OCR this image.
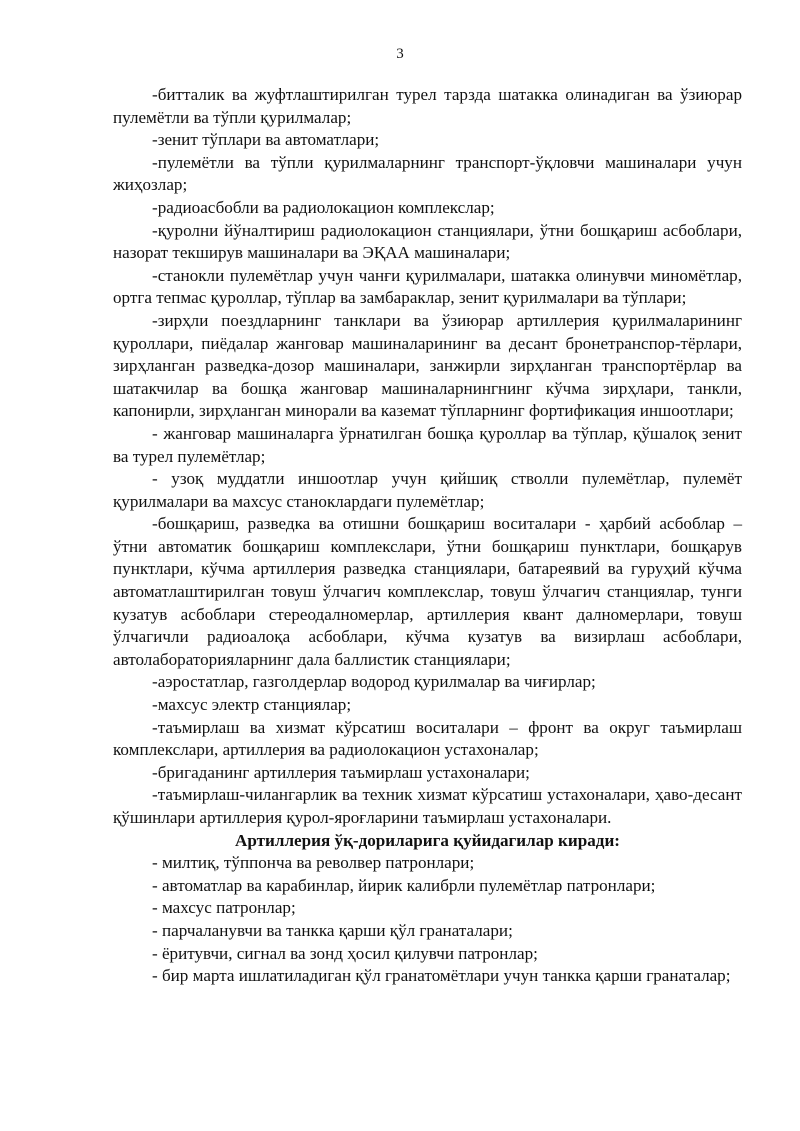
3

-битталик ва жуфтлаштирилган турел тарзда шатакка олинадиган ва ўзиюрар пулемётли ва тўпли қурилмалар;

-зенит тўплари ва автоматлари;

-пулемётли ва тўпли қурилмаларнинг транспорт-ўқловчи машиналари учун жиҳозлар;

-радиоасбобли ва радиолокацион комплекслар;

-қуролни йўналтириш радиолокацион станциялари, ўтни бошқариш асбоблари, назорат текширув машиналари ва ЭҚАА машиналари;

-станокли пулемётлар учун чанғи қурилмалари, шатакка олинувчи миномётлар, ортга тепмас қуроллар, тўплар ва замбараклар, зенит қурилмалари ва тўплари;

-зирҳли поездларнинг танклари ва ўзиюрар артиллерия қурилмаларининг қуроллари, пиёдалар жанговар машиналарининг ва десант бронетранспор-тёрлари, зирҳланган разведка-дозор машиналари, занжирли зирҳланган транспортёрлар ва шатакчилар ва бошқа жанговар машиналарнингнинг кўчма зирҳлари, танкли, капонирли, зирҳланган минорали ва каземат тўпларнинг фортификация иншоотлари;

- жанговар машиналарга ўрнатилган бошқа қуроллар ва тўплар, қўшалоқ зенит ва турел пулемётлар;

- узоқ муддатли иншоотлар учун қийшиқ стволли пулемётлар, пулемёт қурилмалари ва махсус станоклардаги пулемётлар;

-бошқариш, разведка ва отишни бошқариш воситалари - ҳарбий асбоблар – ўтни автоматик бошқариш комплекслари, ўтни бошқариш пунктлари, бошқарув пунктлари, кўчма артиллерия разведка станциялари, батареявий ва гуруҳий кўчма автоматлаштирилган товуш ўлчагич комплекслар, товуш ўлчагич станциялар, тунги кузатув асбоблари стереодалномерлар, артиллерия квант далномерлари, товуш ўлчагичли радиоалоқа асбоблари, кўчма кузатув ва визирлаш асбоблари, автолабораторияларнинг дала баллистик станциялари;

-аэростатлар, газголдерлар водород қурилмалар ва чиғирлар;

-махсус электр станциялар;

-таъмирлаш ва хизмат кўрсатиш воситалари – фронт ва округ таъмирлаш комплекслари, артиллерия ва радиолокацион устахоналар;

-бригаданинг артиллерия таъмирлаш устахоналари;

-таъмирлаш-чилангарлик ва техник хизмат кўрсатиш устахоналари, ҳаво-десант қўшинлари артиллерия қурол-яроғларини таъмирлаш устахоналари.

Артиллерия ўқ-дориларига қуйидагилар киради:

- милтиқ, тўппонча ва револвер патронлари;

- автоматлар ва карабинлар, йирик калибрли пулемётлар патронлари;

- махсус патронлар;

- парчаланувчи ва танкка қарши қўл гранаталари;

- ёритувчи, сигнал ва зонд ҳосил қилувчи патронлар;

- бир марта ишлатиладиган қўл гранатомётлари учун танкка қарши гранаталар;
